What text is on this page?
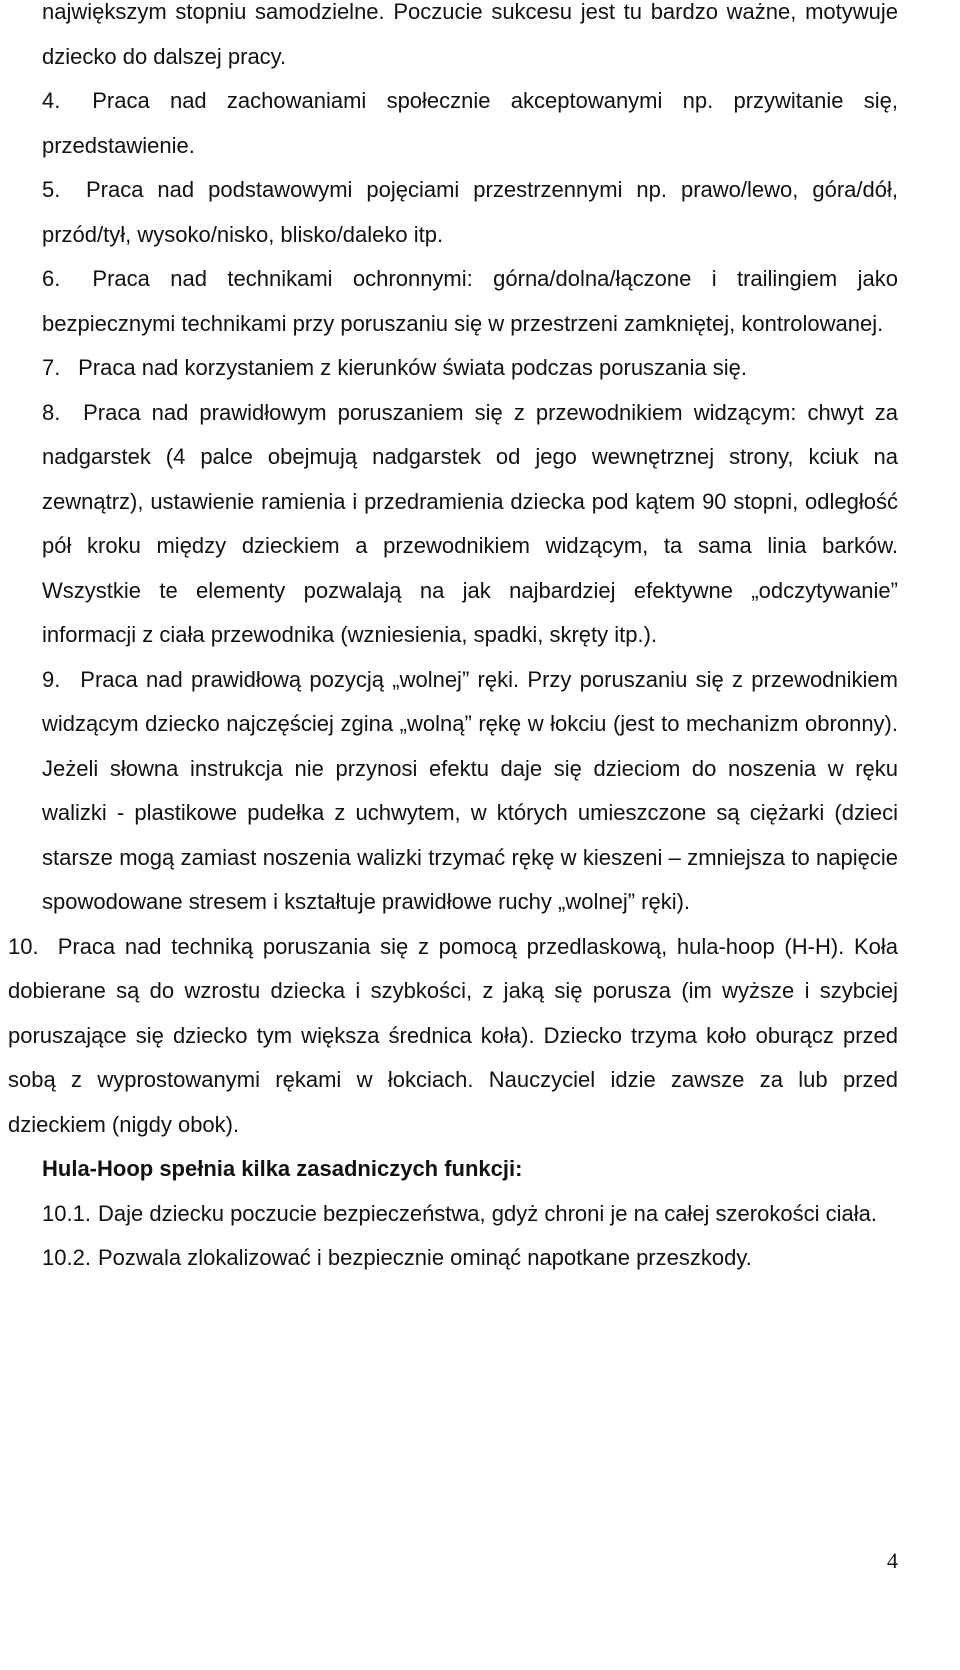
największym stopniu samodzielne. Poczucie sukcesu jest tu bardzo ważne, motywuje dziecko do dalszej pracy.
4. Praca nad zachowaniami społecznie akceptowanymi np. przywitanie się, przedstawienie.
5. Praca nad podstawowymi pojęciami przestrzennymi np. prawo/lewo, góra/dół, przód/tył, wysoko/nisko, blisko/daleko itp.
6. Praca nad technikami ochronnymi: górna/dolna/łączone i trailingiem jako bezpiecznymi technikami przy poruszaniu się w przestrzeni zamkniętej, kontrolowanej.
7. Praca nad korzystaniem z kierunków świata podczas poruszania się.
8. Praca nad prawidłowym poruszaniem się z przewodnikiem widzącym: chwyt za nadgarstek (4 palce obejmują nadgarstek od jego wewnętrznej strony, kciuk na zewnątrz), ustawienie ramienia i przedramienia dziecka pod kątem 90 stopni, odległość pół kroku między dzieckiem a przewodnikiem widzącym, ta sama linia barków. Wszystkie te elementy pozwalają na jak najbardziej efektywne „odczytywanie” informacji z ciała przewodnika (wzniesienia, spadki, skręty itp.).
9. Praca nad prawidłową pozycją „wolnej” ręki. Przy poruszaniu się z przewodnikiem widzącym dziecko najczęściej zgina „wolną” rękę w łokciu (jest to mechanizm obronny). Jeżeli słowna instrukcja nie przynosi efektu daje się dzieciom do noszenia w ręku walizki - plastikowe pudełka z uchwytem, w których umieszczone są ciężarki (dzieci starsze mogą zamiast noszenia walizki trzymać rękę w kieszeni – zmniejsza to napięcie spowodowane stresem i kształtuje prawidłowe ruchy „wolnej” ręki).
10. Praca nad techniką poruszania się z pomocą przedlaskową, hula-hoop (H-H). Koła dobierane są do wzrostu dziecka i szybkości, z jaką się porusza (im wyższe i szybciej poruszające się dziecko tym większa średnica koła). Dziecko trzyma koło oburącz przed sobą z wyprostowanymi rękami w łokciach. Nauczyciel idzie zawsze za lub przed dzieckiem (nigdy obok).
Hula-Hoop spełnia kilka zasadniczych funkcji:
10.1. Daje dziecku poczucie bezpieczeństwa, gdyż chroni je na całej szerokości ciała.
10.2. Pozwala zlokalizować i bezpiecznie ominąć napotkane przeszkody.
4
